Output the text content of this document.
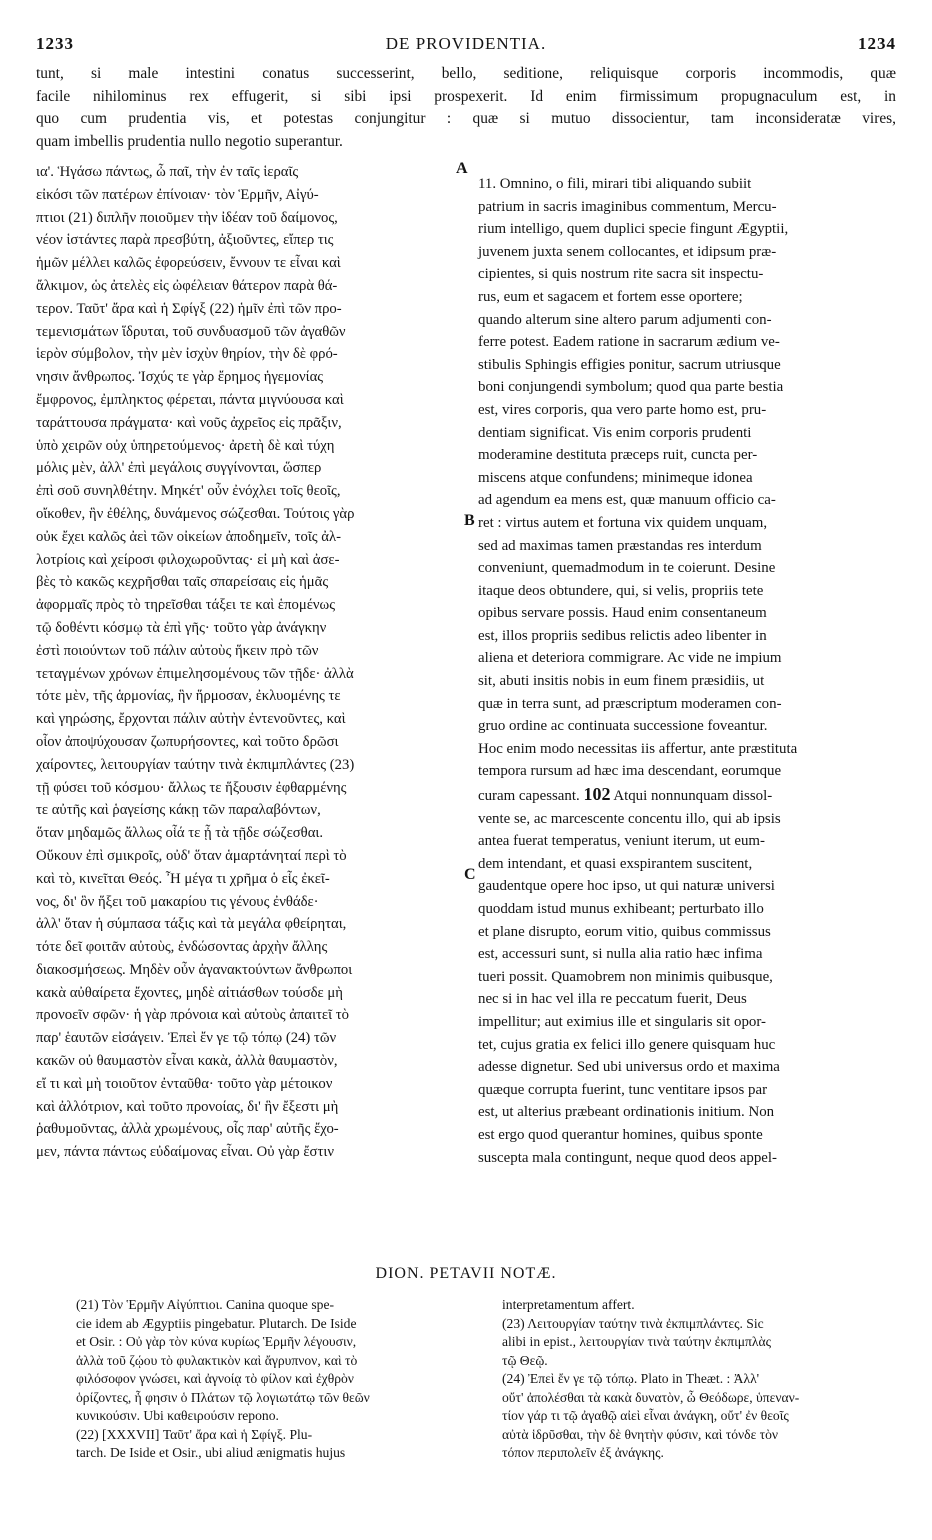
1233	DE PROVIDENTIA.	1234

tunt, si male intestini conatus successerint, bello, seditione, reliquisque corporis incommodis, quæ

facile nihilominus rex effugerit, si sibi ipsi prospexerit. Id enim firmissimum propugnaculum est, in

quo cum prudentia vis, et potestas conjungitur : quæ si mutuo dissocientur, tam inconsideratæ vires,

quam imbellis prudentia nullo negotio superantur.

A
B
C

ια'. Ἡγάσω πάντως, ὦ παῖ, τὴν ἐν ταῖς ἱεραῖς

εἰκόσι τῶν πατέρων ἐπίνοιαν· τὸν Ἑρμῆν, Αἰγύ-

πτιοι (21) διπλῆν ποιοῦμεν τὴν ἰδέαν τοῦ δαίμονος,

νέον ἱστάντες παρὰ πρεσβύτη, ἀξιοῦντες, εἴπερ τις

ἡμῶν μέλλει καλῶς ἐφορεύσειν, ἔννουν τε εἶναι καὶ

ἄλκιμον, ὡς ἀτελὲς εἰς ὠφέλειαν θάτερον παρὰ θά-

τερον. Ταῦτ' ἄρα καὶ ἡ Σφίγξ (22) ἡμῖν ἐπὶ τῶν προ-

τεμενισμάτων ἵδρυται, τοῦ συνδυασμοῦ τῶν ἀγαθῶν

ἱερὸν σύμβολον, τὴν μὲν ἰσχὺν θηρίον, τὴν δὲ φρό-

νησιν ἄνθρωπος. Ἰσχύς τε γὰρ ἔρημος ἡγεμονίας

ἔμφρονος, ἐμπληκτος φέρεται, πάντα μιγνύουσα καὶ

ταράττουσα πράγματα· καὶ νοῦς ἀχρεῖος εἰς πρᾶξιν,

ὑπὸ χειρῶν οὐχ ὑπηρετούμενος· ἀρετὴ δὲ καὶ τύχη

μόλις μὲν, ἀλλ' ἐπὶ μεγάλοις συγγίνονται, ὥσπερ

ἐπὶ σοῦ συνηλθέτην. Μηκέτ' οὖν ἐνόχλει τοῖς θεοῖς,

οἴκοθεν, ἣν ἐθέλης, δυνάμενος σώζεσθαι. Τούτοις γὰρ

οὐκ ἔχει καλῶς ἀεὶ τῶν οἰκείων ἀποδημεῖν, τοῖς ἀλ-

λοτρίοις καὶ χείροσι φιλοχωροῦντας· εἰ μὴ καὶ ἀσε-

βὲς τὸ κακῶς κεχρῆσθαι ταῖς σπαρείσαις εἰς ἡμᾶς

ἀφορμαῖς πρὸς τὸ τηρεῖσθαι τάξει τε καὶ ἑπομένως

τῷ δοθέντι κόσμῳ τὰ ἐπὶ γῆς· τοῦτο γὰρ ἀνάγκην

ἐστὶ ποιούντων τοῦ πάλιν αὐτοὺς ἥκειν πρὸ τῶν

τεταγμένων χρόνων ἐπιμελησομένους τῶν τῇδε· ἀλλὰ

τότε μὲν, τῆς ἁρμονίας, ἣν ἥρμοσαν, ἐκλυομένης τε

καὶ γηρώσης, ἔρχονται πάλιν αὐτὴν ἐντενοῦντες, καὶ

οἷον ἀποψύχουσαν ζωπυρήσοντες, καὶ τοῦτο δρῶσι

χαίροντες, λειτουργίαν ταύτην τινὰ ἐκπιμπλάντες (23)

τῇ φύσει τοῦ κόσμου· ἄλλως τε ἥξουσιν ἐφθαρμένης

τε αὐτῆς καὶ ῥαγείσης κάκῃ τῶν παραλαβόντων,

ὅταν μηδαμῶς ἄλλως οἷά τε ᾖ τὰ τῇδε σώζεσθαι.

Οὔκουν ἐπὶ σμικροῖς, οὐδ' ὅταν ἁμαρτάνηταί περὶ τὸ

καὶ τὸ, κινεῖται Θεός. Ἦ μέγα τι χρῆμα ὁ εἷς ἐκεῖ-

νος, δι' ὃν ἥξει τοῦ μακαρίου τις γένους ἐνθάδε·

ἀλλ' ὅταν ἡ σύμπασα τάξις καὶ τὰ μεγάλα φθείρηται,

τότε δεῖ φοιτᾶν αὐτοὺς, ἐνδώσοντας ἀρχὴν ἄλλης

διακοσμήσεως. Μηδὲν οὖν ἀγανακτούντων ἄνθρωποι

κακὰ αὐθαίρετα ἔχοντες, μηδὲ αἰτιάσθων τούσδε μὴ

προνοεῖν σφῶν· ἡ γὰρ πρόνοια καὶ αὐτοὺς ἀπαιτεῖ τὸ

παρ' ἑαυτῶν εἰσάγειν. Ἐπεὶ ἔν γε τῷ τόπῳ (24) τῶν

κακῶν οὐ θαυμαστὸν εἶναι κακὰ, ἀλλὰ θαυμαστὸν,

εἴ τι καὶ μὴ τοιοῦτον ἐνταῦθα· τοῦτο γὰρ μέτοικον

καὶ ἀλλότριον, καὶ τοῦτο προνοίας, δι' ἣν ἔξεστι μὴ

ῥαθυμοῦντας, ἀλλὰ χρωμένους, οἷς παρ' αὐτῆς ἔχο-

μεν, πάντα πάντως εὐδαίμονας εἶναι. Οὐ γὰρ ἔστιν

11. Omnino, o fili, mirari tibi aliquando subiit

patrium in sacris imaginibus commentum, Mercu-

rium intelligo, quem duplici specie fingunt Ægyptii,

juvenem juxta senem collocantes, et idipsum præ-

cipientes, si quis nostrum rite sacra sit inspectu-

rus, eum et sagacem et fortem esse oportere;

quando alterum sine altero parum adjumenti con-

ferre potest. Eadem ratione in sacrarum ædium ve-

stibulis Sphingis effigies ponitur, sacrum utriusque

boni conjungendi symbolum; quod qua parte bestia

est, vires corporis, qua vero parte homo est, pru-

dentiam significat. Vis enim corporis prudenti

moderamine destituta præceps ruit, cuncta per-

miscens atque confundens; minimeque idonea

ad agendum ea mens est, quæ manuum officio ca-

ret : virtus autem et fortuna vix quidem unquam,

sed ad maximas tamen præstandas res interdum

conveniunt, quemadmodum in te coierunt. Desine

itaque deos obtundere, qui, si velis, propriis tete

opibus servare possis. Haud enim consentaneum

est, illos propriis sedibus relictis adeo libenter in

aliena et deteriora commigrare. Ac vide ne impium

sit, abuti insitis nobis in eum finem præsidiis, ut

quæ in terra sunt, ad præscriptum moderamen con-

gruo ordine ac continuata successione foveantur.

Hoc enim modo necessitas iis affertur, ante præstituta

tempora rursum ad hæc ima descendant, eorumque

curam capessant. 102 Atqui nonnunquam dissol-

vente se, ac marcescente concentu illo, qui ab ipsis

antea fuerat temperatus, veniunt iterum, ut eum-

dem intendant, et quasi exspirantem suscitent,

gaudentque opere hoc ipso, ut qui naturæ universi

quoddam istud munus exhibeant; perturbato illo

et plane disrupto, eorum vitio, quibus commissus

est, accessuri sunt, si nulla alia ratio hæc infima

tueri possit. Quamobrem non minimis quibusque,

nec si in hac vel illa re peccatum fuerit, Deus

impellitur; aut eximius ille et singularis sit opor-

tet, cujus gratia ex felici illo genere quisquam huc

adesse dignetur. Sed ubi universus ordo et maxima

quæque corrupta fuerint, tunc ventitare ipsos par

est, ut alterius præbeant ordinationis initium. Non

est ergo quod querantur homines, quibus sponte

suscepta mala contingunt, neque quod deos appel-

DION. PETAVII NOTÆ.

(21) Τὸν Ἑρμῆν Αἰγύπτιοι. Canina quoque spe-

cie idem ab Ægyptiis pingebatur. Plutarch. De Iside

et Osir. : Οὐ γὰρ τὸν κύνα κυρίως Ἑρμῆν λέγουσιν,

ἀλλὰ τοῦ ζῴου τὸ φυλακτικὸν καὶ ἄγρυπνον, καὶ τὸ

φιλόσοφον γνώσει, καὶ ἀγνοίᾳ τὸ φίλον καὶ ἐχθρὸν

ὁρίζοντες, ἦ φησιν ὁ Πλάτων τῷ λογιωτάτῳ τῶν θεῶν

κυνικούσιν. Ubi καθειρούσιν repono.

(22) [XXXVII] Ταῦτ' ἄρα καὶ ἡ Σφίγξ. Plu-

tarch. De Iside et Osir., ubi aliud ænigmatis hujus

interpretamentum affert.

(23) Λειτουργίαν ταύτην τινὰ ἐκπιμπλάντες. Sic

alibi in epist., λειτουργίαν τινὰ ταύτην ἐκπιμπλὰς

τῷ Θεῷ.

(24) Ἐπεὶ ἔν γε τῷ τόπῳ. Plato in Theæt. : Ἀλλ'

οὔτ' ἀπολέσθαι τὰ κακὰ δυνατὸν, ὦ Θεόδωρε, ὑπεναν-

τίον γάρ τι τῷ ἀγαθῷ αἰεὶ εἶναι ἀνάγκη, οὔτ' ἐν θεοῖς

αὐτὰ ἱδρῦσθαι, τὴν δὲ θνητὴν φύσιν, καὶ τόνδε τὸν

τόπον περιπολεῖν ἐξ ἀνάγκης.
